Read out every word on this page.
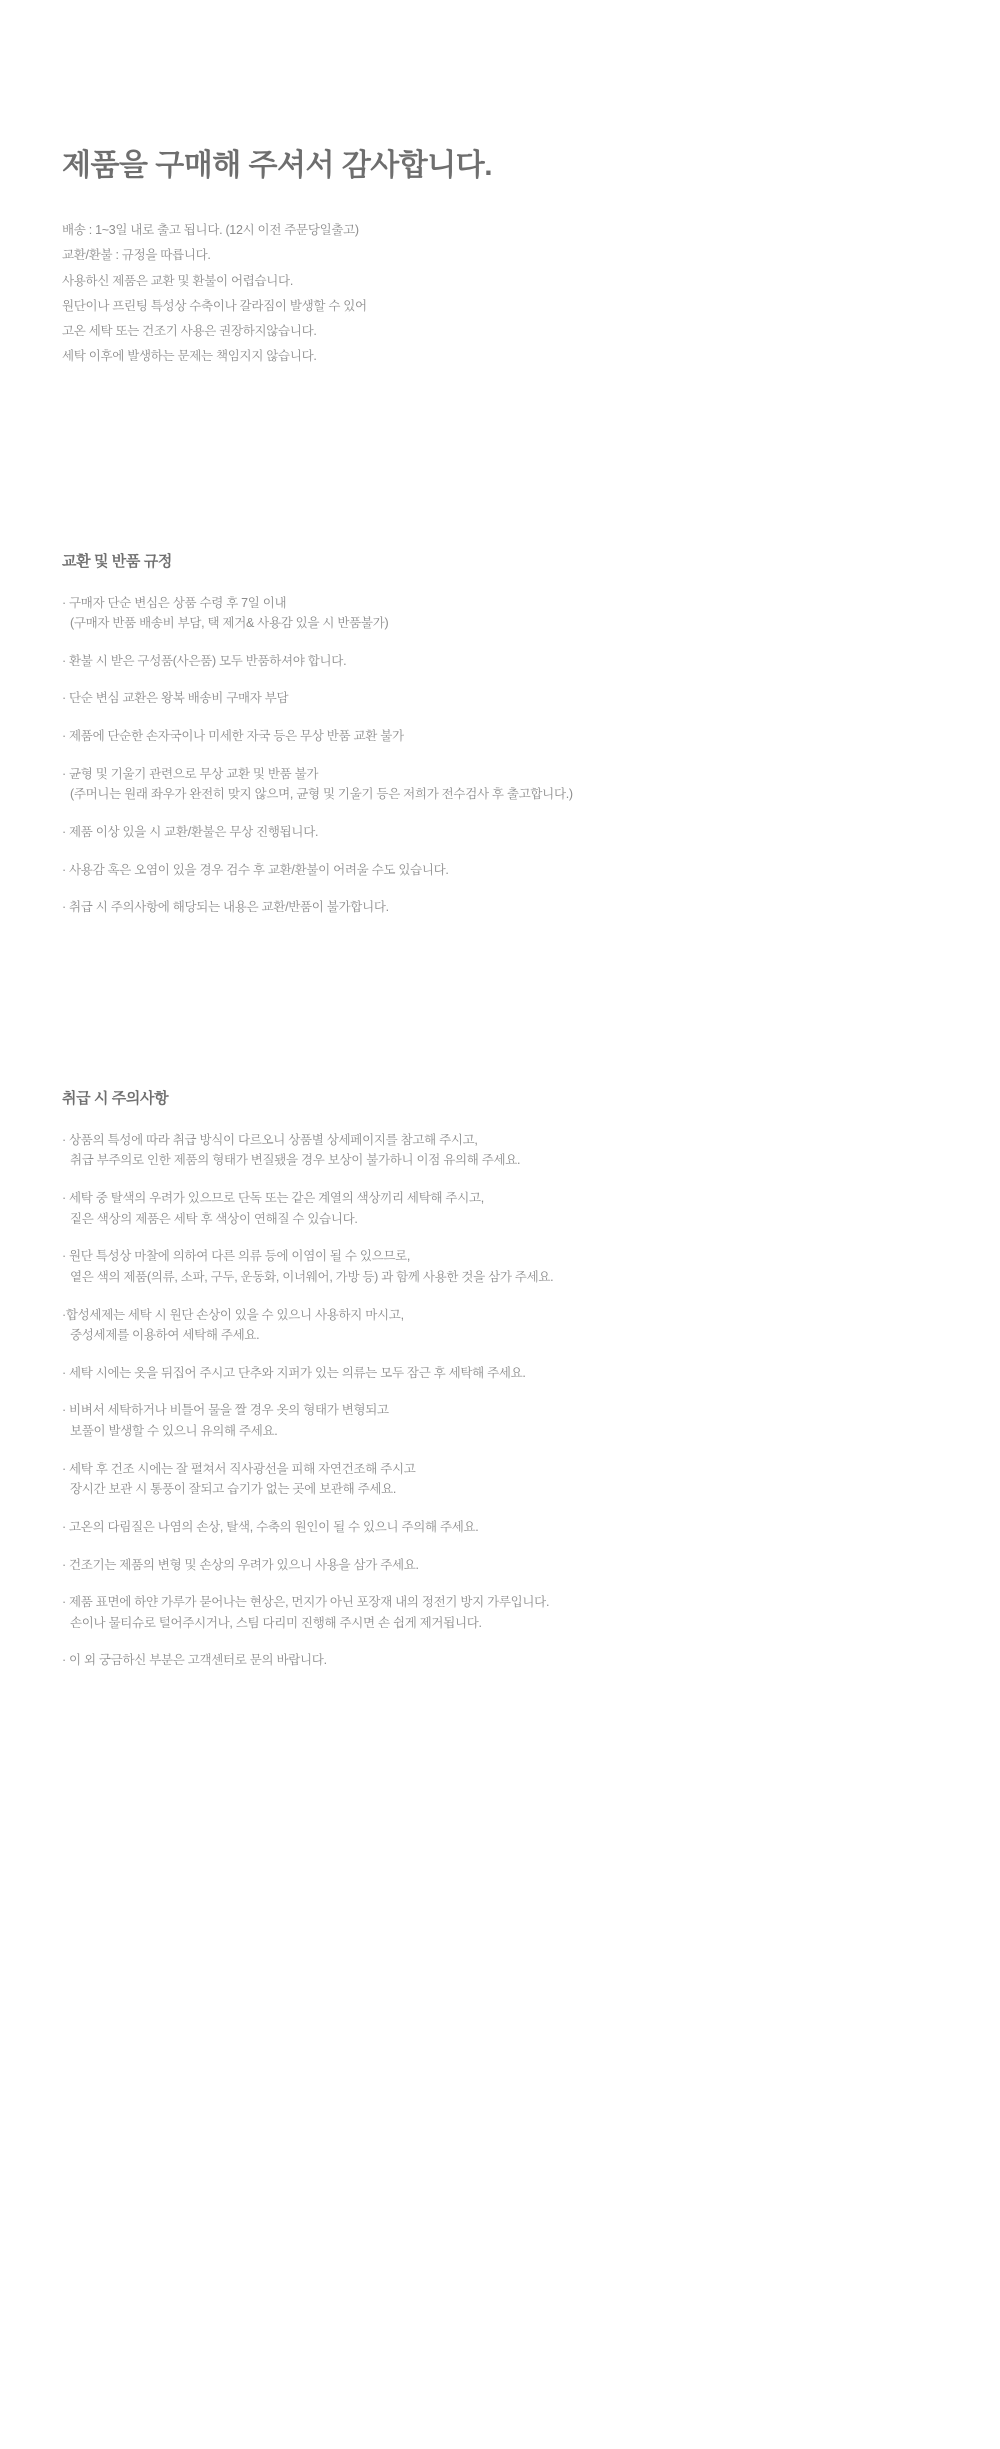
제품을 구매해 주셔서 감사합니다.
배송 : 1~3일 내로 출고 됩니다. (12시 이전 주문당일출고)
교환/환불 : 규정을 따릅니다.
사용하신 제품은 교환 및 환불이 어렵습니다.
원단이나 프린팅 특성상 수축이나 갈라짐이 발생할 수 있어
고온 세탁 또는 건조기 사용은 권장하지않습니다.
세탁 이후에 발생하는 문제는 책임지지 않습니다.
교환 및 반품 규정
· 구매자 단순 변심은 상품 수령 후 7일 이내
(구매자 반품 배송비 부담, 택 제거& 사용감 있을 시 반품불가)
· 환불 시 받은 구성품(사은품) 모두 반품하셔야 합니다.
· 단순 변심 교환은 왕복 배송비 구매자 부담
· 제품에 단순한 손자국이나 미세한 자국 등은 무상 반품 교환 불가
· 균형 및 기울기 관련으로 무상 교환 및 반품 불가
(주머니는 원래 좌우가 완전히 맞지 않으며, 균형 및 기울기 등은 저희가 전수검사 후 출고합니다.)
· 제품 이상 있을 시 교환/환불은 무상 진행됩니다.
· 사용감 혹은 오염이 있을 경우 검수 후 교환/환불이 어려울 수도 있습니다.
· 취급 시 주의사항에 해당되는 내용은 교환/반품이 불가합니다.
취급 시 주의사항
· 상품의 특성에 따라 취급 방식이 다르오니 상품별 상세페이지를 참고해 주시고,
취급 부주의로 인한 제품의 형태가 변질됐을 경우 보상이 불가하니 이점 유의해 주세요.
· 세탁 중 탈색의 우려가 있으므로 단독 또는 같은 계열의 색상끼리 세탁해 주시고,
짙은 색상의 제품은 세탁 후 색상이 연해질 수 있습니다.
· 원단 특성상 마찰에 의하여 다른 의류 등에 이염이 될 수 있으므로,
옅은 색의 제품(의류, 소파, 구두, 운동화, 이너웨어, 가방 등) 과 함께 사용한 것을 삼가 주세요.
·합성세제는 세탁 시 원단 손상이 있을 수 있으니 사용하지 마시고,
중성세제를 이용하여 세탁해 주세요.
· 세탁 시에는 옷을 뒤집어 주시고 단추와 지퍼가 있는 의류는 모두 잠근 후 세탁해 주세요.
· 비벼서 세탁하거나 비틀어 물을 짤 경우 옷의 형태가 변형되고
보풀이 발생할 수 있으니 유의해 주세요.
· 세탁 후 건조 시에는 잘 펼쳐서 직사광선을 피해 자연건조해 주시고
장시간 보관 시 통풍이 잘되고 습기가 없는 곳에 보관해 주세요.
· 고온의 다림질은 나염의 손상, 탈색, 수축의 원인이 될 수 있으니 주의해 주세요.
· 건조기는 제품의 변형 및 손상의 우려가 있으니 사용을 삼가 주세요.
· 제품 표면에 하얀 가루가 묻어나는 현상은, 먼지가 아닌 포장재 내의 정전기 방지 가루입니다.
손이나 물티슈로 털어주시거나, 스팀 다리미 진행해 주시면 손 쉽게 제거됩니다.
· 이 외 궁금하신 부분은 고객센터로 문의 바랍니다.
